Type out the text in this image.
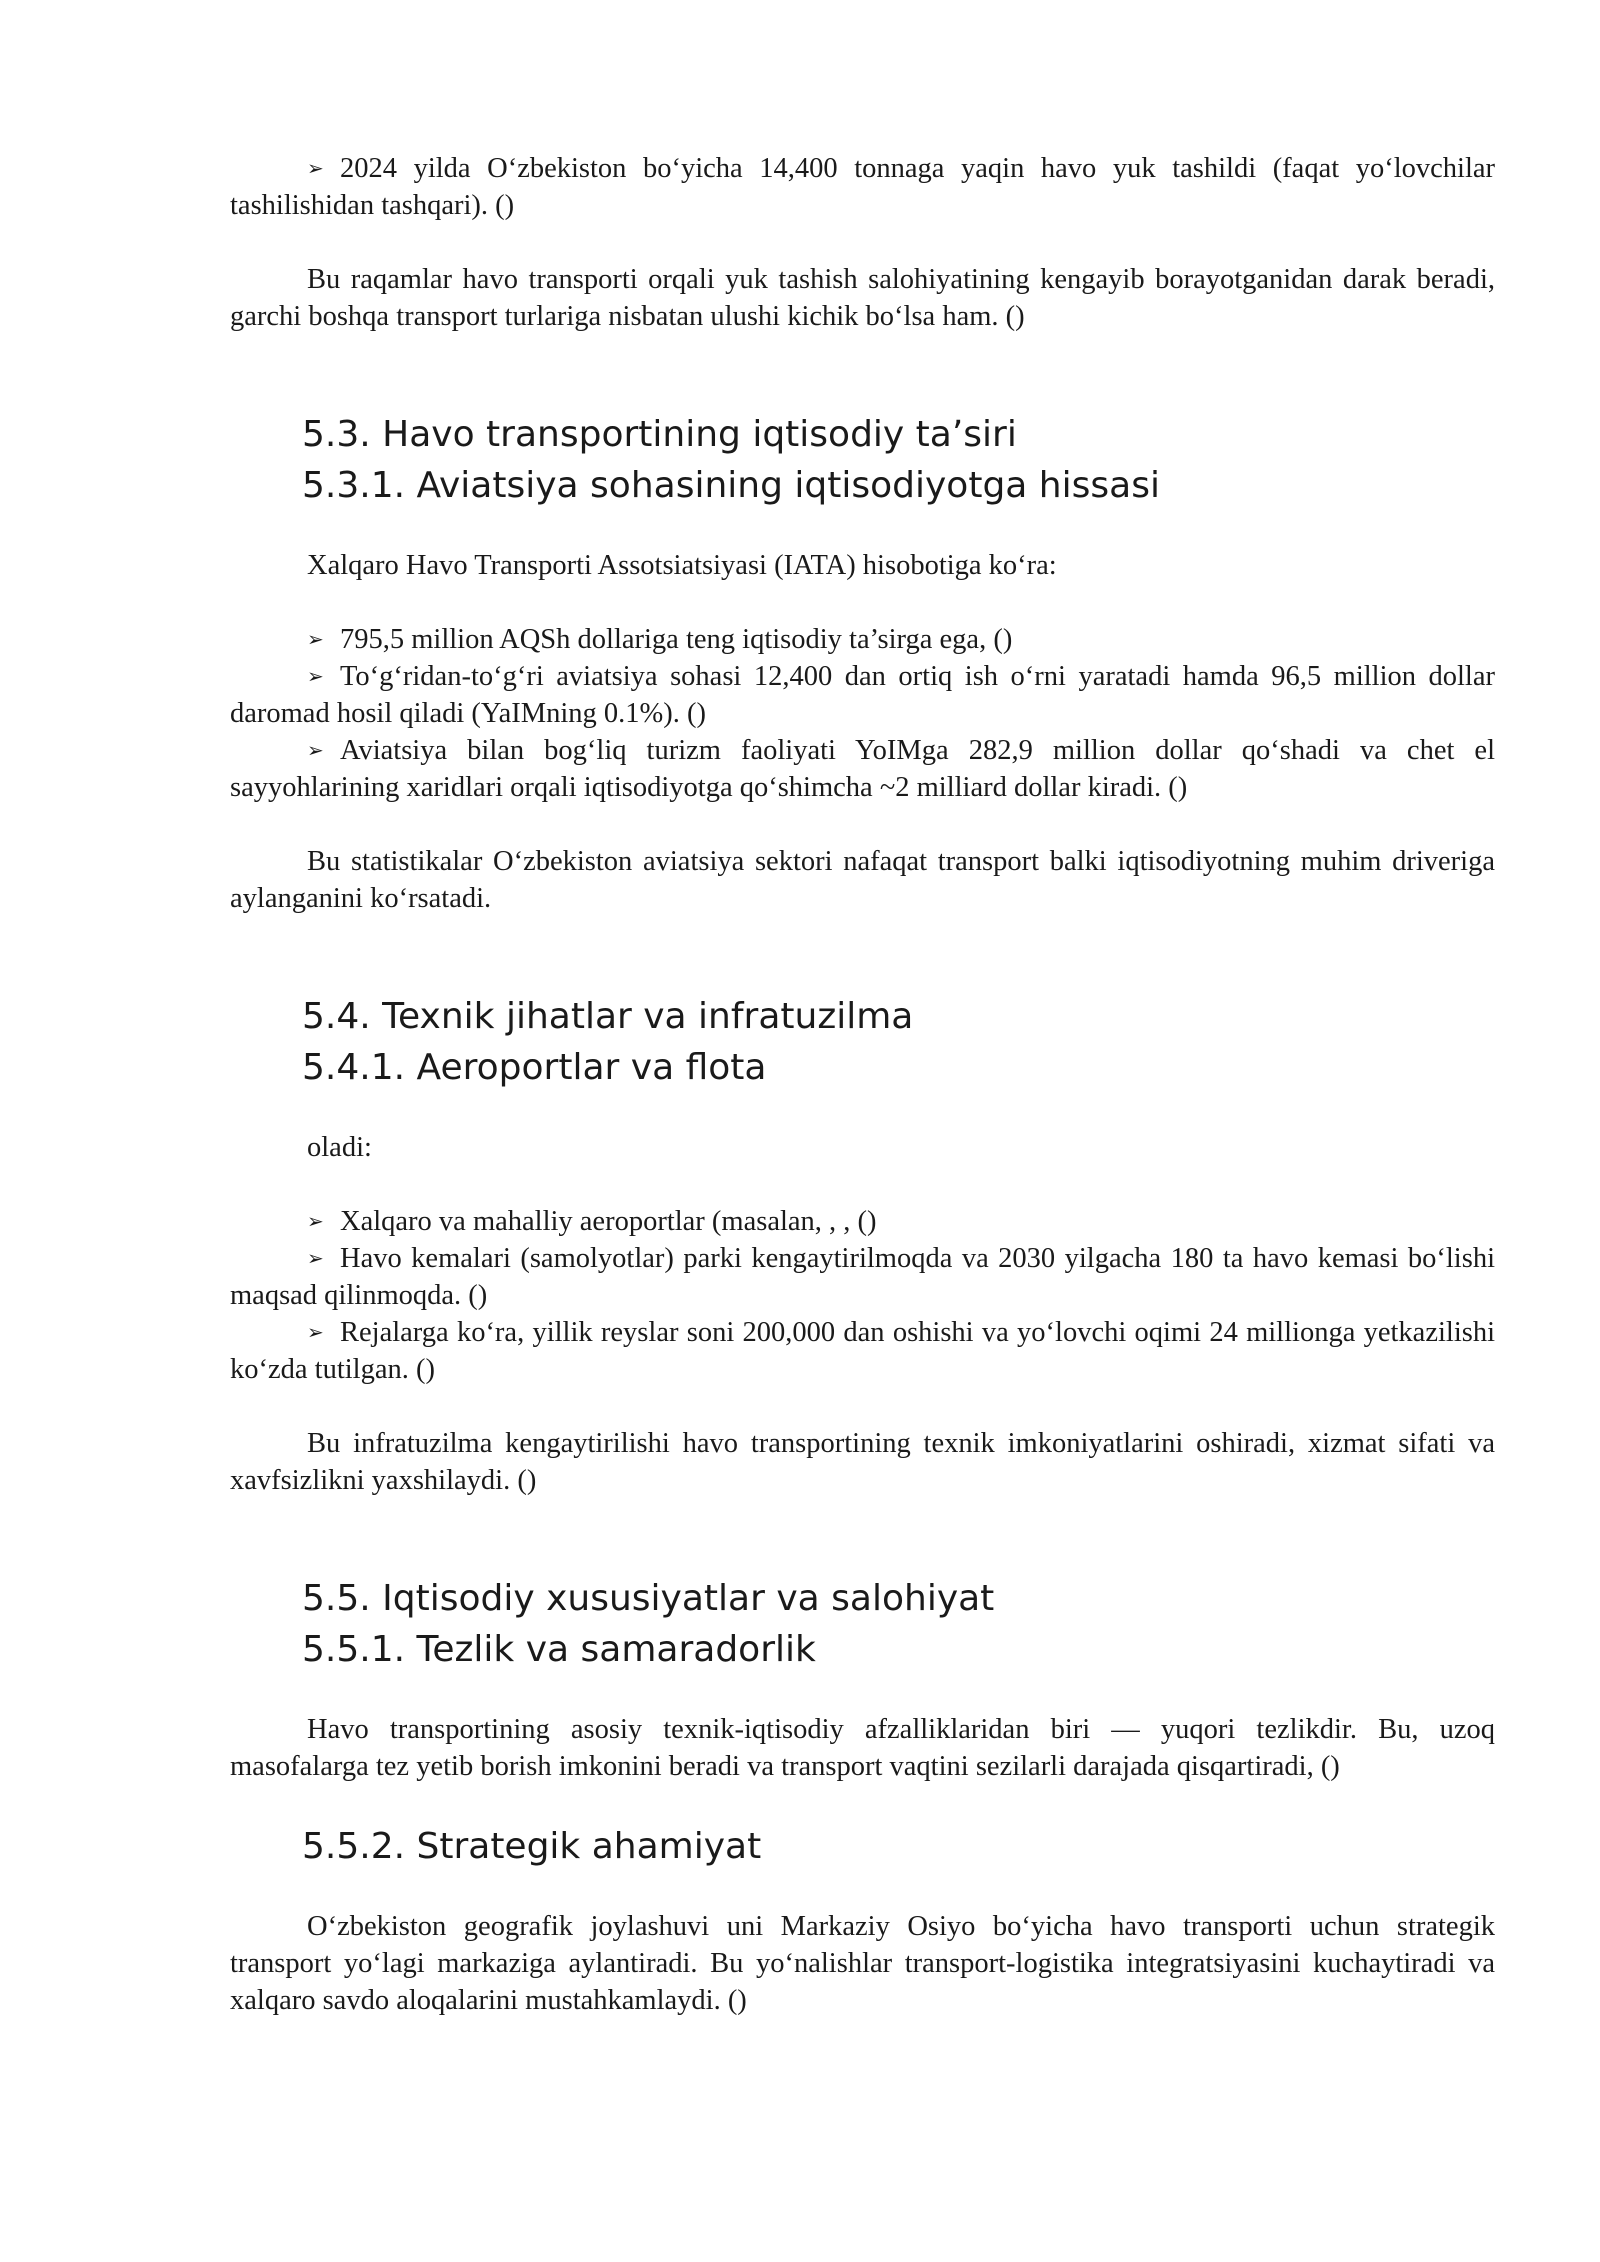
➢ 2024 yilda O‘zbekiston bo‘yicha 14,400 tonnaga yaqin havo yuk tashildi (faqat yo‘lovchilar tashilishidan tashqari). ()

Bu raqamlar havo transporti orqali yuk tashish salohiyatining kengayib borayotganidan darak beradi, garchi boshqa transport turlariga nisbatan ulushi kichik bo‘lsa ham. ()

5.3. Havo transportining iqtisodiy ta’siri
5.3.1. Aviatsiya sohasining iqtisodiyotga hissasi

Xalqaro Havo Transporti Assotsiatsiyasi (IATA) hisobotiga ko‘ra:

➢ 795,5 million AQSh dollariga teng iqtisodiy ta’sirga ega, ()

➢ To‘g‘ridan-to‘g‘ri aviatsiya sohasi 12,400 dan ortiq ish o‘rni yaratadi hamda 96,5 million dollar daromad hosil qiladi (YaIMning 0.1%). ()

➢ Aviatsiya bilan bog‘liq turizm faoliyati YoIMga 282,9 million dollar qo‘shadi va chet el sayyohlarining xaridlari orqali iqtisodiyotga qo‘shimcha ~2 milliard dollar kiradi. ()

Bu statistikalar O‘zbekiston aviatsiya sektori nafaqat transport balki iqtisodiyotning muhim driveriga aylanganini ko‘rsatadi.

5.4. Texnik jihatlar va infratuzilma
5.4.1. Aeroportlar va flota

oladi:

➢ Xalqaro va mahalliy aeroportlar (masalan, , , ()

➢ Havo kemalari (samolyotlar) parki kengaytirilmoqda va 2030 yilgacha 180 ta havo kemasi bo‘lishi maqsad qilinmoqda. ()

➢ Rejalarga ko‘ra, yillik reyslar soni 200,000 dan oshishi va yo‘lovchi oqimi 24 millionga yetkazilishi ko‘zda tutilgan. ()

Bu infratuzilma kengaytirilishi havo transportining texnik imkoniyatlarini oshiradi, xizmat sifati va xavfsizlikni yaxshilaydi. ()

5.5. Iqtisodiy xususiyatlar va salohiyat
5.5.1. Tezlik va samaradorlik

Havo transportining asosiy texnik-iqtisodiy afzalliklaridan biri — yuqori tezlikdir. Bu, uzoq masofalarga tez yetib borish imkonini beradi va transport vaqtini sezilarli darajada qisqartiradi, ()

5.5.2. Strategik ahamiyat

O‘zbekiston geografik joylashuvi uni Markaziy Osiyo bo‘yicha havo transporti uchun strategik transport yo‘lagi markaziga aylantiradi. Bu yo‘nalishlar transport-logistika integratsiyasini kuchaytiradi va xalqaro savdo aloqalarini mustahkamlaydi. ()
